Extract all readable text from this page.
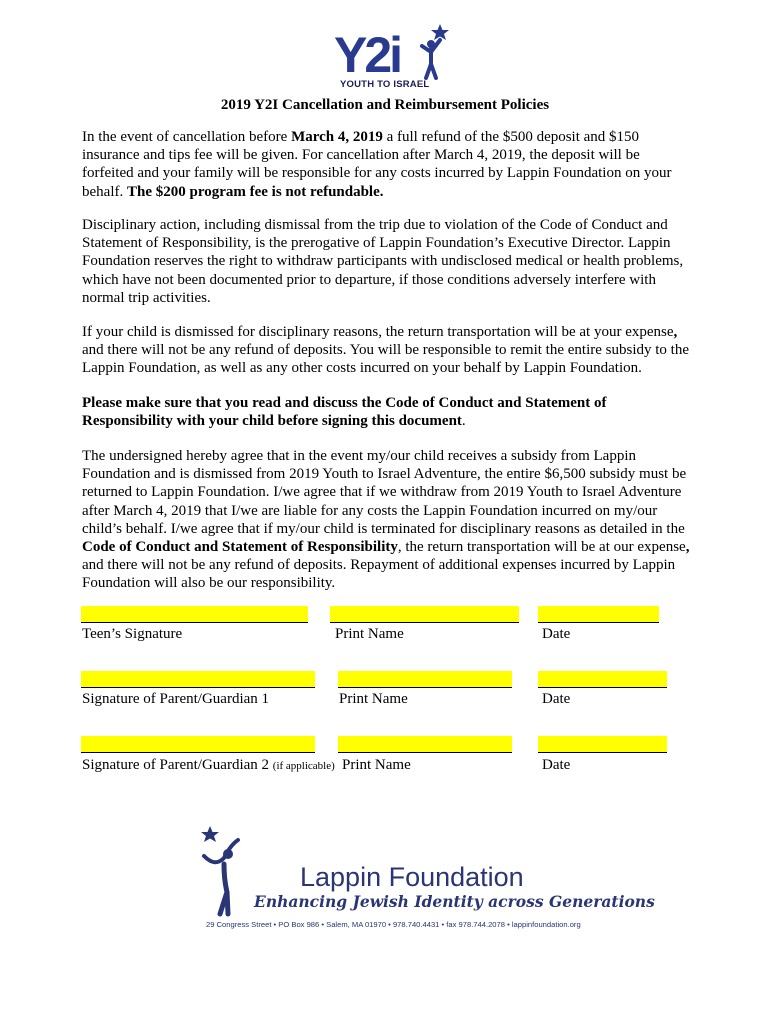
Y2i
YOUTH TO ISRAEL
2019 Y2I Cancellation and Reimbursement Policies

In the event of cancellation before March 4, 2019 a full refund of the $500 deposit and $150 insurance and tips fee will be given. For cancellation after March 4, 2019, the deposit will be forfeited and your family will be responsible for any costs incurred by Lappin Foundation on your behalf. The $200 program fee is not refundable.

Disciplinary action, including dismissal from the trip due to violation of the Code of Conduct and Statement of Responsibility, is the prerogative of Lappin Foundation’s Executive Director. Lappin Foundation reserves the right to withdraw participants with undisclosed medical or health problems, which have not been documented prior to departure, if those conditions adversely interfere with normal trip activities.

If your child is dismissed for disciplinary reasons, the return transportation will be at your expense, and there will not be any refund of deposits. You will be responsible to remit the entire subsidy to the Lappin Foundation, as well as any other costs incurred on your behalf by Lappin Foundation.

Please make sure that you read and discuss the Code of Conduct and Statement of Responsibility with your child before signing this document.

The undersigned hereby agree that in the event my/our child receives a subsidy from Lappin Foundation and is dismissed from 2019 Youth to Israel Adventure, the entire $6,500 subsidy must be returned to Lappin Foundation. I/we agree that if we withdraw from 2019 Youth to Israel Adventure after March 4, 2019 that I/we are liable for any costs the Lappin Foundation incurred on my/our child’s behalf. I/we agree that if my/our child is terminated for disciplinary reasons as detailed in the Code of Conduct and Statement of Responsibility, the return transportation will be at our expense, and there will not be any refund of deposits. Repayment of additional expenses incurred by Lappin Foundation will also be our responsibility.

Teen’s Signature	Print Name	Date
Signature of Parent/Guardian 1	Print Name	Date
Signature of Parent/Guardian 2 (if applicable) Print Name	Date
Lappin Foundation
Enhancing Jewish Identity across Generations
29 Congress Street • PO Box 986 • Salem, MA 01970 • 978.740.4431 • fax 978.744.2078 • lappinfoundation.org
